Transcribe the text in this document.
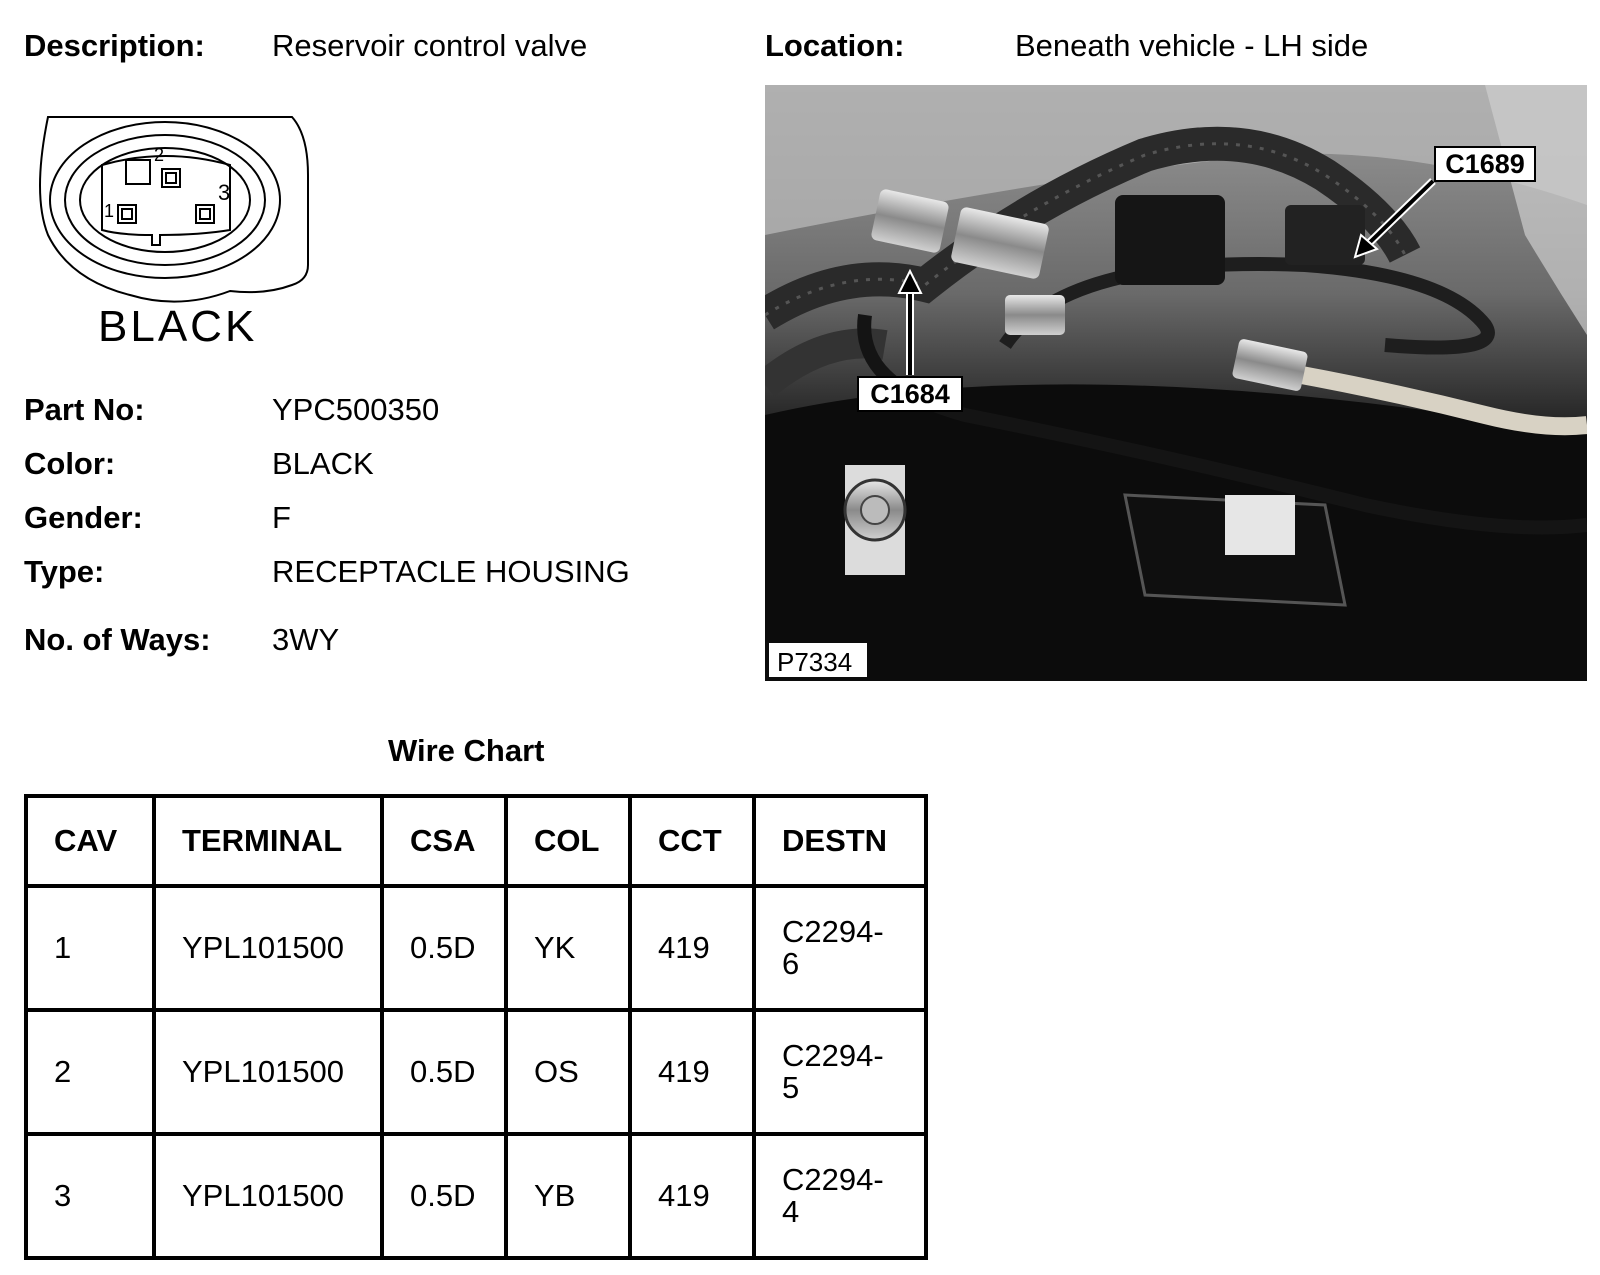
Description: Reservoir control valve	Location:	Beneath vehicle - LH side
2
1
3
BLACK
Part No:	YPC500350
Color:	BLACK
Gender:	F
Type:	RECEPTACLE HOUSING
No. of Ways: 3WY
C1689
C1684
P7334
Wire Chart
CAV	TERMINAL	CSA	COL	CCT	DESTN
1	YPL101500	0.5D	YK	419	C2294-
6
2	YPL101500	0.5D	OS	419	C2294-
5
3	YPL101500	0.5D	YB	419	C2294-
4
